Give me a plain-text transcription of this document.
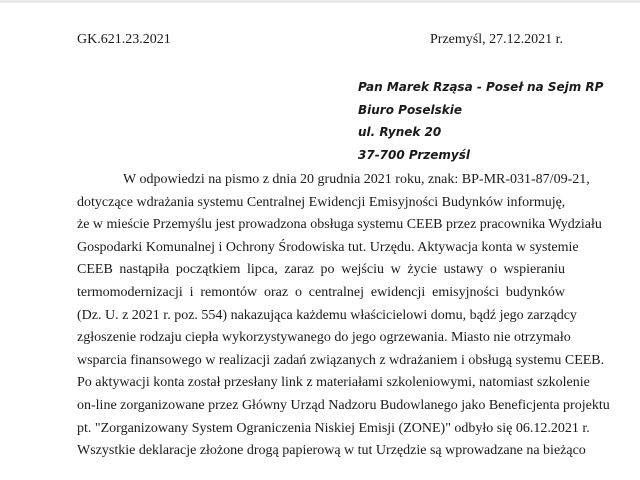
GK.621.23.2021	Przemyśl, 27.12.2021 r.
Pan Marek Rząsa - Poseł na Sejm RP
Biuro Poselskie
ul. Rynek 20
37-700 Przemyśl
W odpowiedzi na pismo z dnia 20 grudnia 2021 roku, znak: BP-MR-031-87/09-21,
dotyczące wdrażania systemu Centralnej Ewidencji Emisyjności Budynków informuję,
że w mieście Przemyślu jest prowadzona obsługa systemu CEEB przez pracownika Wydziału
Gospodarki Komunalnej i Ochrony Środowiska tut. Urzędu. Aktywacja konta w systemie
CEEB nastąpiła początkiem lipca, zaraz po wejściu w życie ustawy o wspieraniu
termomodernizacji i remontów oraz o centralnej ewidencji emisyjności budynków
(Dz. U. z 2021 r. poz. 554) nakazująca każdemu właścicielowi domu, bądź jego zarządcy
zgłoszenie rodzaju ciepła wykorzystywanego do jego ogrzewania. Miasto nie otrzymało
wsparcia finansowego w realizacji zadań związanych z wdrażaniem i obsługą systemu CEEB.
Po aktywacji konta został przesłany link z materiałami szkoleniowymi, natomiast szkolenie
on-line zorganizowane przez Główny Urząd Nadzoru Budowlanego jako Beneficjenta projektu
pt. "Zorganizowany System Ograniczenia Niskiej Emisji (ZONE)" odbyło się 06.12.2021 r.
Wszystkie deklaracje złożone drogą papierową w tut Urzędzie są wprowadzane na bieżąco
